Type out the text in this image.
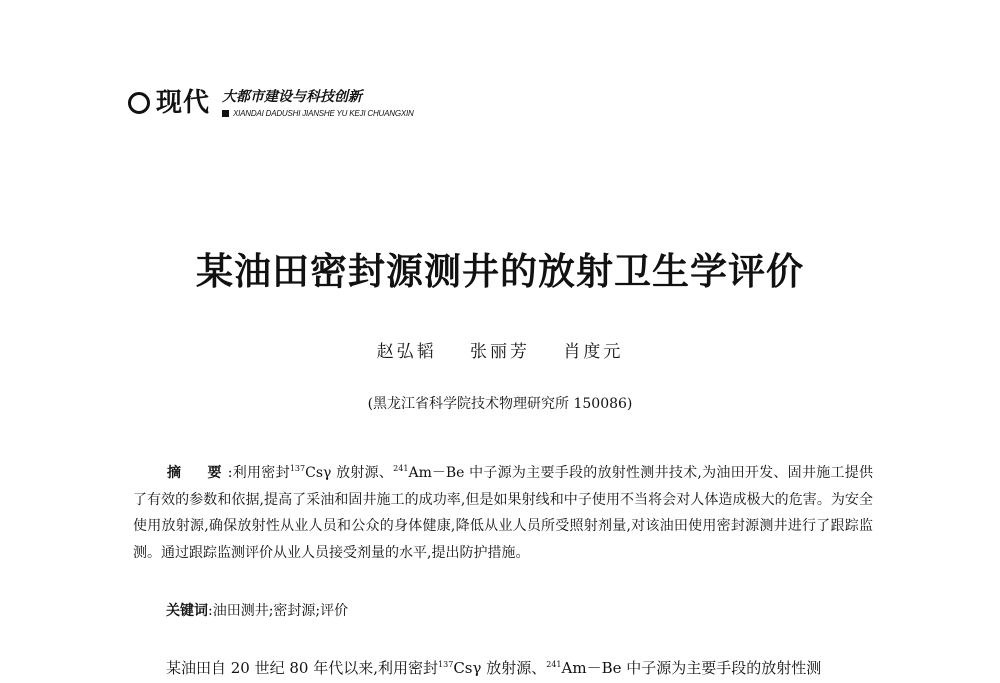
现代 大都市建设与科技创新
XIANDAI DADUSHI JIANSHE YU KEJI CHUANGXIN
某油田密封源测井的放射卫生学评价
赵弘韬 张丽芳 肖度元
(黑龙江省科学院技术物理研究所 150086)
摘　要:利用密封$^{137}$Csγ 放射源、$^{241}$Am－Be 中子源为主要手段的放射性测井技术,为油田开发、固井施工提供了有效的参数和依据,提高了采油和固井施工的成功率,但是如果射线和中子使用不当将会对人体造成极大的危害。为安全使用放射源,确保放射性从业人员和公众的身体健康,降低从业人员所受照射剂量,对该油田使用密封源测井进行了跟踪监测。通过跟踪监测评价从业人员接受剂量的水平,提出防护措施。
关键词:油田测井;密封源;评价
某油田自 20 世纪 80 年代以来,利用密封$^{137}$Csγ 放射源、$^{241}$Am－Be 中子源为主要手段的放射性测
